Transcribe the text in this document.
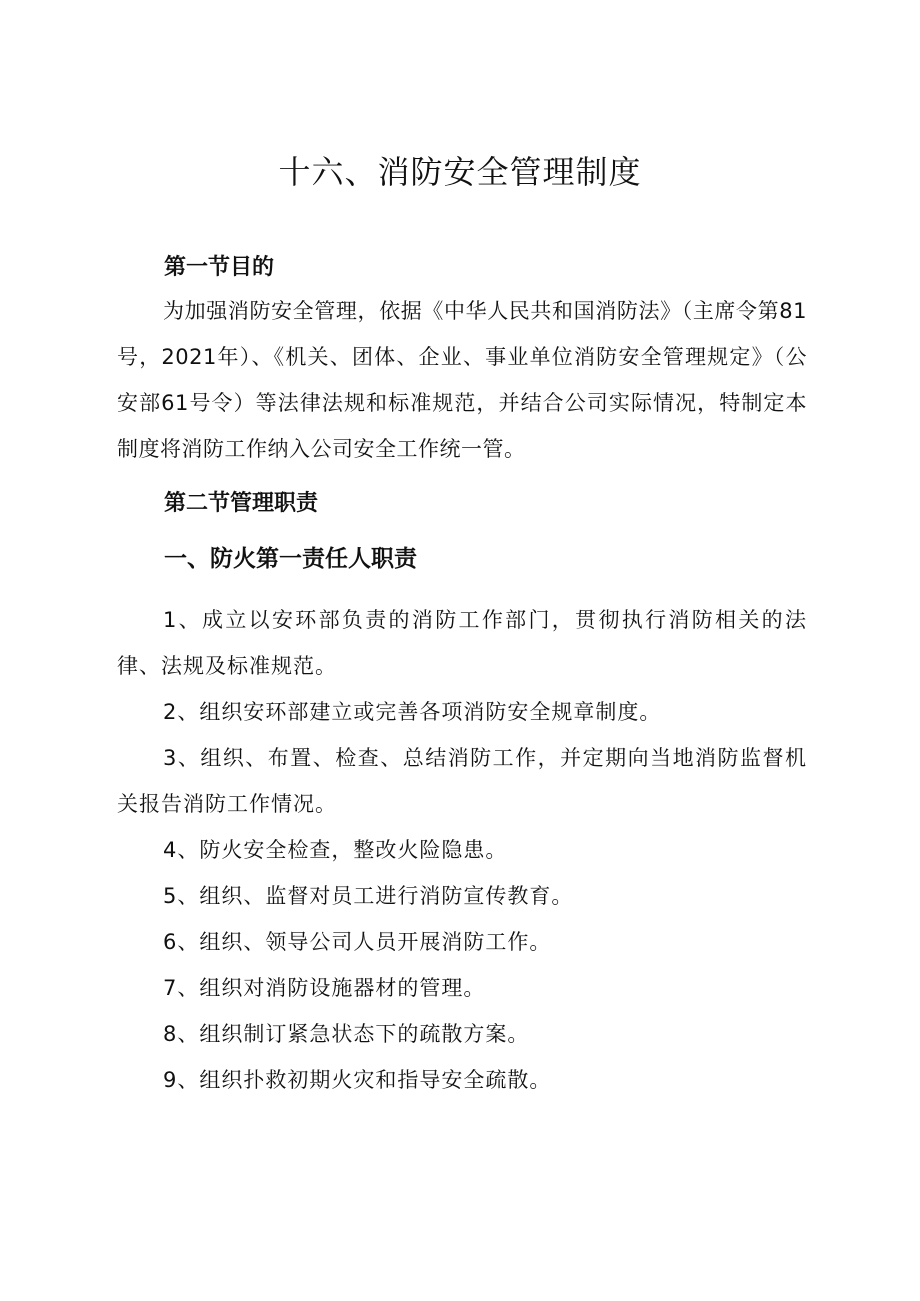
十六、消防安全管理制度
第一节目的

为加强消防安全管理，依据《中华人民共和国消防法》（主席令第81号，2021年）、《机关、团体、企业、事业单位消防安全管理规定》（公安部61号令）等法律法规和标准规范，并结合公司实际情况，特制定本制度将消防工作纳入公司安全工作统一管。

第二节管理职责
一、防火第一责任人职责

1、成立以安环部负责的消防工作部门，贯彻执行消防相关的法律、法规及标准规范。

2、组织安环部建立或完善各项消防安全规章制度。

3、组织、布置、检查、总结消防工作，并定期向当地消防监督机关报告消防工作情况。

4、防火安全检查，整改火险隐患。

5、组织、监督对员工进行消防宣传教育。

6、组织、领导公司人员开展消防工作。

7、组织对消防设施器材的管理。

8、组织制订紧急状态下的疏散方案。

9、组织扑救初期火灾和指导安全疏散。
